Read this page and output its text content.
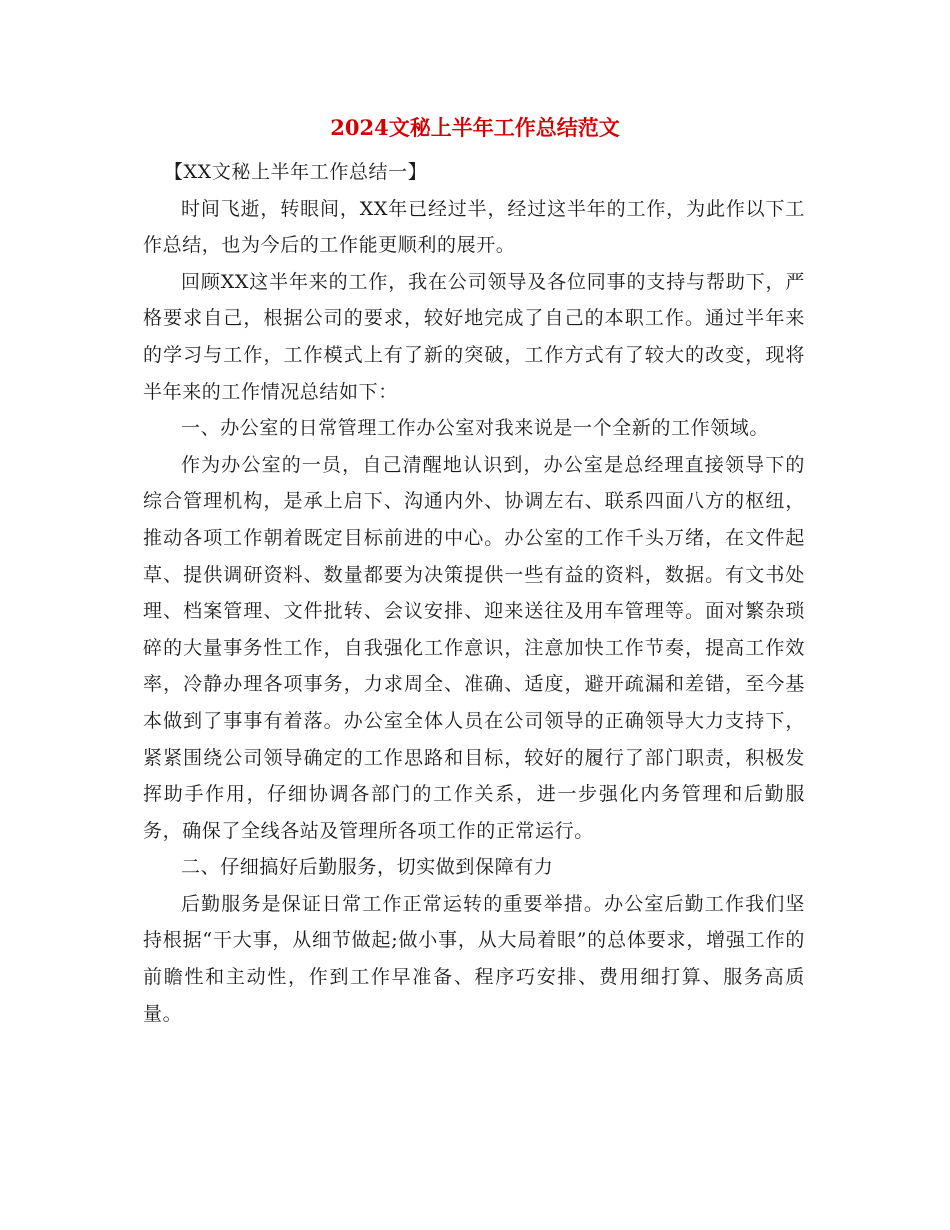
2024文秘上半年工作总结范文

【XX文秘上半年工作总结一】

时间飞逝，转眼间，XX年已经过半，经过这半年的工作，为此作以下工作总结，也为今后的工作能更顺利的展开。

回顾XX这半年来的工作，我在公司领导及各位同事的支持与帮助下，严格要求自己，根据公司的要求，较好地完成了自己的本职工作。通过半年来的学习与工作，工作模式上有了新的突破，工作方式有了较大的改变，现将半年来的工作情况总结如下：

一、办公室的日常管理工作办公室对我来说是一个全新的工作领域。

作为办公室的一员，自己清醒地认识到，办公室是总经理直接领导下的综合管理机构，是承上启下、沟通内外、协调左右、联系四面八方的枢纽，推动各项工作朝着既定目标前进的中心。办公室的工作千头万绪，在文件起草、提供调研资料、数量都要为决策提供一些有益的资料，数据。有文书处理、档案管理、文件批转、会议安排、迎来送往及用车管理等。面对繁杂琐碎的大量事务性工作，自我强化工作意识，注意加快工作节奏，提高工作效率，冷静办理各项事务，力求周全、准确、适度，避开疏漏和差错，至今基本做到了事事有着落。办公室全体人员在公司领导的正确领导大力支持下，紧紧围绕公司领导确定的工作思路和目标，较好的履行了部门职责，积极发挥助手作用，仔细协调各部门的工作关系，进一步强化内务管理和后勤服务，确保了全线各站及管理所各项工作的正常运行。

二、仔细搞好后勤服务，切实做到保障有力

后勤服务是保证日常工作正常运转的重要举措。办公室后勤工作我们坚持根据“干大事，从细节做起;做小事，从大局着眼”的总体要求，增强工作的前瞻性和主动性，作到工作早准备、程序巧安排、费用细打算、服务高质量。
